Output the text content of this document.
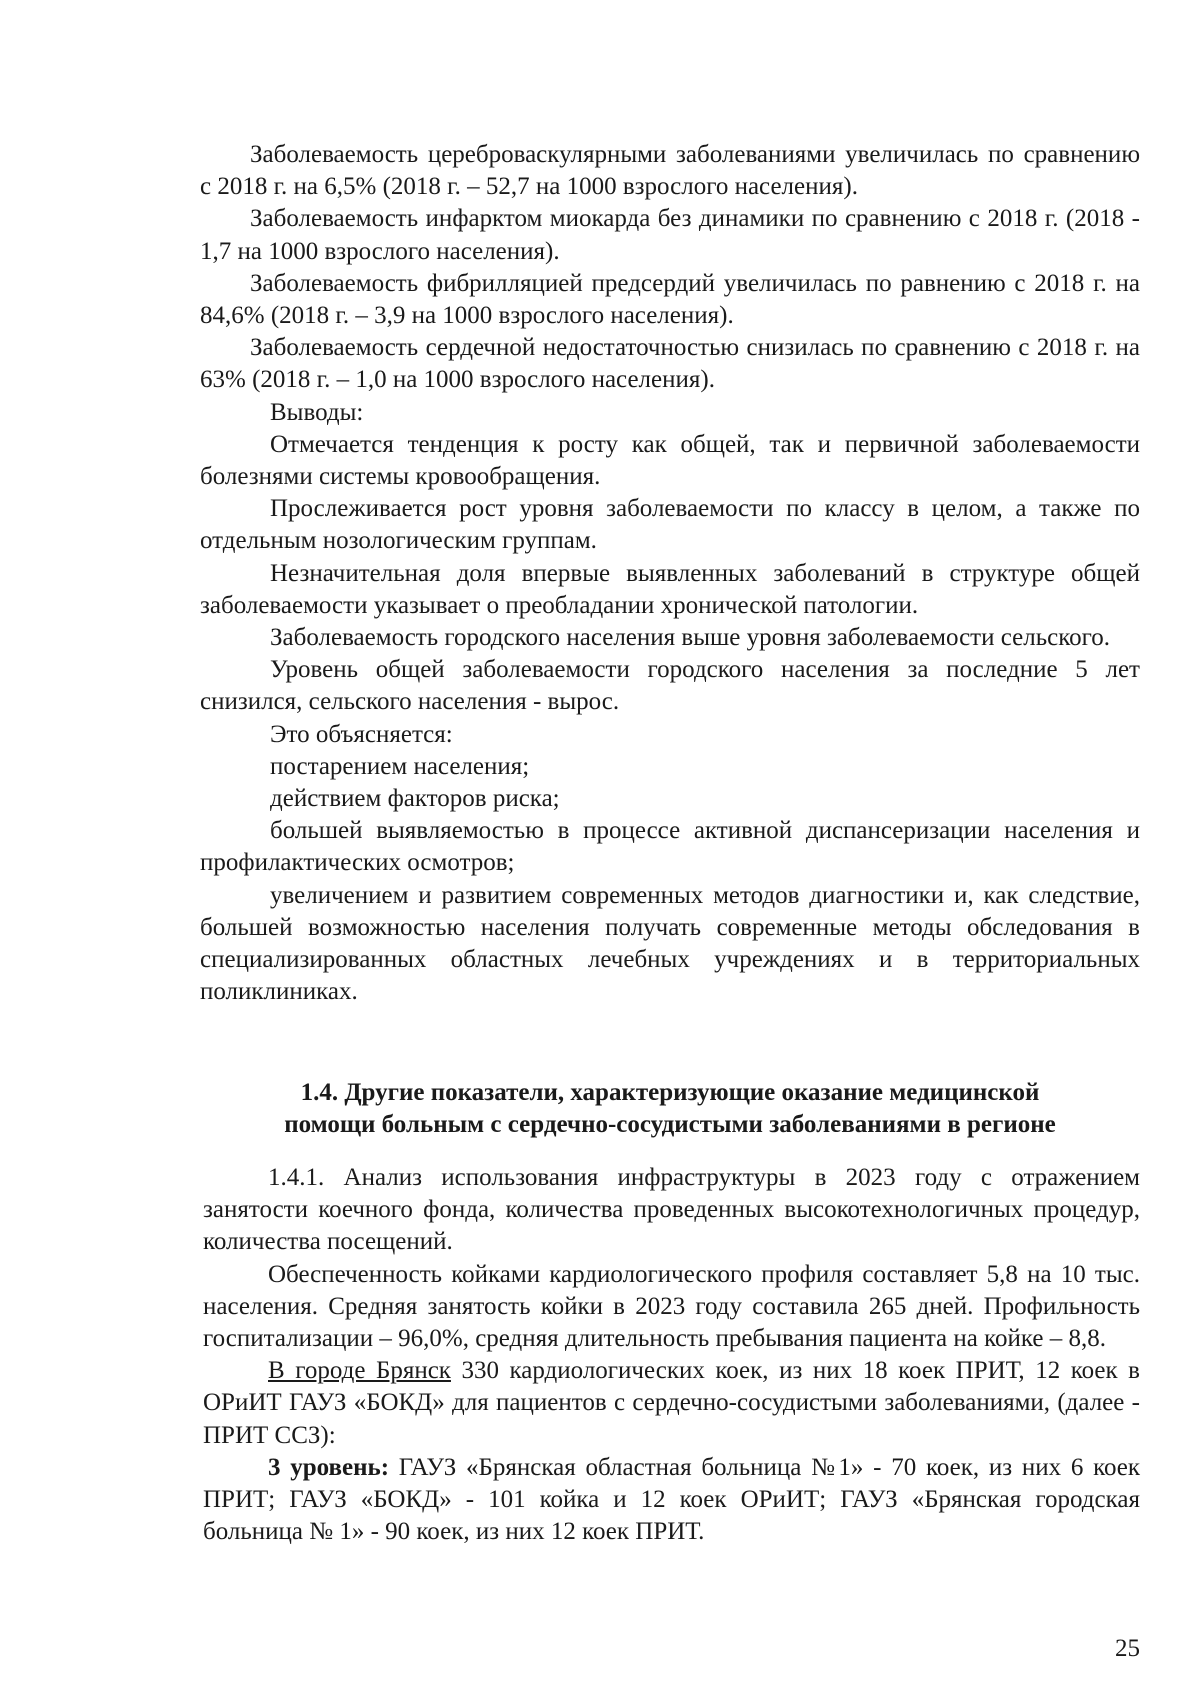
Заболеваемость цереброваскулярными заболеваниями увеличилась по сравнению с 2018 г. на 6,5% (2018 г. – 52,7 на 1000 взрослого населения).

Заболеваемость инфарктом миокарда без динамики по сравнению с 2018 г. (2018 - 1,7 на 1000 взрослого населения).

Заболеваемость фибрилляцией предсердий увеличилась по равнению с 2018 г. на 84,6% (2018 г. – 3,9 на 1000 взрослого населения).

Заболеваемость сердечной недостаточностью снизилась по сравнению с 2018 г. на 63% (2018 г. – 1,0 на 1000 взрослого населения).

Выводы:

Отмечается тенденция к росту как общей, так и первичной заболеваемости болезнями системы кровообращения.

Прослеживается рост уровня заболеваемости по классу в целом, а также по отдельным нозологическим группам.

Незначительная доля впервые выявленных заболеваний в структуре общей заболеваемости указывает о преобладании хронической патологии.

Заболеваемость городского населения выше уровня заболеваемости сельского.

Уровень общей заболеваемости городского населения за последние 5 лет снизился, сельского населения - вырос.

Это объясняется:

постарением населения;

действием факторов риска;

большей выявляемостью в процессе активной диспансеризации населения и профилактических осмотров;

увеличением и развитием современных методов диагностики и, как следствие, большей возможностью населения получать современные методы обследования в специализированных областных лечебных учреждениях и в территориальных поликлиниках.

1.4. Другие показатели, характеризующие оказание медицинской

помощи больным с сердечно-сосудистыми заболеваниями в регионе

1.4.1. Анализ использования инфраструктуры в 2023 году с отражением занятости коечного фонда, количества проведенных высокотехнологичных процедур, количества посещений.

Обеспеченность койками кардиологического профиля составляет 5,8 на 10 тыс. населения. Средняя занятость койки в 2023 году составила 265 дней. Профильность госпитализации – 96,0%, средняя длительность пребывания пациента на койке – 8,8.

В городе Брянск 330 кардиологических коек, из них 18 коек ПРИТ, 12 коек в ОРиИТ ГАУЗ «БОКД» для пациентов с сердечно-сосудистыми заболеваниями, (далее - ПРИТ ССЗ):

3 уровень: ГАУЗ «Брянская областная больница №1» - 70 коек, из них 6 коек ПРИТ; ГАУЗ «БОКД» - 101 койка и 12 коек ОРиИТ; ГАУЗ «Брянская городская больница № 1» - 90 коек, из них 12 коек ПРИТ.

25
